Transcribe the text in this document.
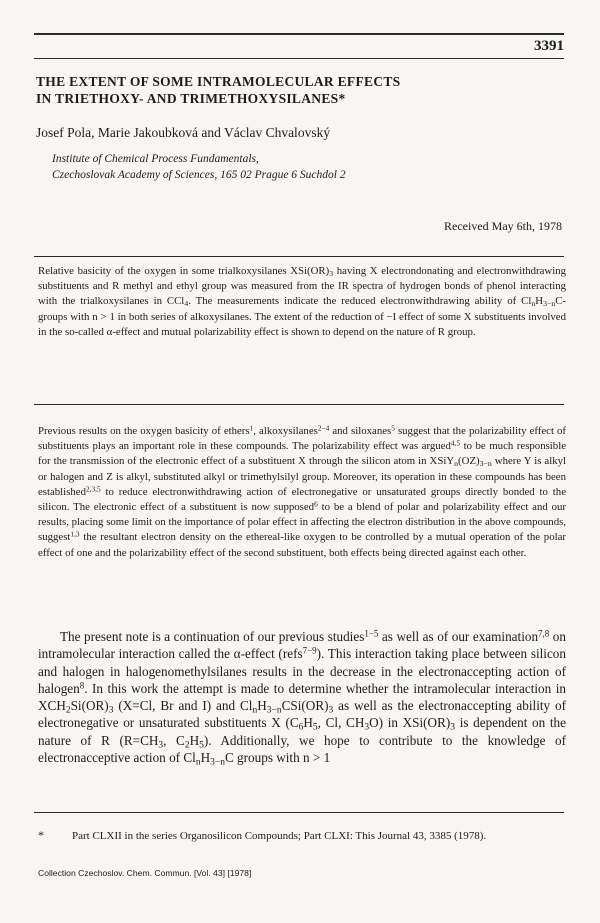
3391
THE EXTENT OF SOME INTRAMOLECULAR EFFECTS
IN TRIETHOXY- AND TRIMETHOXYSILANES*
Josef Pola, Marie Jakoubková and Václav Chvalovský
Institute of Chemical Process Fundamentals,
Czechoslovak Academy of Sciences, 165 02 Prague 6 Suchdol 2
Received May 6th, 1978
Relative basicity of the oxygen in some trialkoxysilanes $XSi(OR)_3$ having X electrondonating and electronwithdrawing substituents and R methyl and ethyl group was measured from the IR spectra of hydrogen bonds of phenol interacting with the trialkoxysilanes in CCl$_4$. The measurements indicate the reduced electronwithdrawing ability of $Cl_nH_{3-n}C$-groups with n > 1 in both series of alkoxysilanes. The extent of the reduction of −I effect of some X substituents involved in the so-called α-effect and mutual polarizability effect is shown to depend on the nature of R group.
Previous results on the oxygen basicity of ethers$^1$, alkoxysilanes$^{2-4}$ and siloxanes$^5$ suggest that the polarizability effect of substituents plays an important role in these compounds. The polarizability effect was argued$^{4,5}$ to be much responsible for the transmission of the electronic effect of a substituent X through the silicon atom in $XSiY_n(OZ)_{3-n}$ where Y is alkyl or halogen and Z is alkyl, substituted alkyl or trimethylsilyl group. Moreover, its operation in these compounds has been established$^{2,3,5}$ to reduce electronwithdrawing action of electronegative or unsaturated groups directly bonded to the silicon. The electronic effect of a substituent is now supposed$^6$ to be a blend of polar and polarizability effect and our results, placing some limit on the importance of polar effect in affecting the electron distribution in the above compounds, suggest$^{1,3}$ the resultant electron density on the ethereal-like oxygen to be controlled by a mutual operation of the polar effect of one and the polarizability effect of the second substituent, both effects being directed against each other.
The present note is a continuation of our previous studies$^{1-5}$ as well as of our examination$^{7,8}$ on intramolecular interaction called the α-effect (refs$^{7-9}$). This interaction taking place between silicon and halogen in halogenomethylsilanes results in the decrease in the electronaccepting action of halogen$^8$. In this work the attempt is made to determine whether the intramolecular interaction in $XCH_2Si(OR)_3$ (X=Cl, Br and I) and $Cl_nH_{3-n}CSi(OR)_3$ as well as the electronaccepting ability of electronegative or unsaturated substituents X ($C_6H_5$, Cl, $CH_3O$) in $XSi(OR)_3$ is dependent on the nature of R ($R=CH_3$, $C_2H_5$). Additionally, we hope to contribute to the knowledge of electronacceptive action of $Cl_nH_{3-n}C$ groups with n > 1
*	Part CLXII in the series Organosilicon Compounds; Part CLXI: This Journal 43, 3385 (1978).
Collection Czechoslov. Chem. Commun. [Vol. 43] [1978]
